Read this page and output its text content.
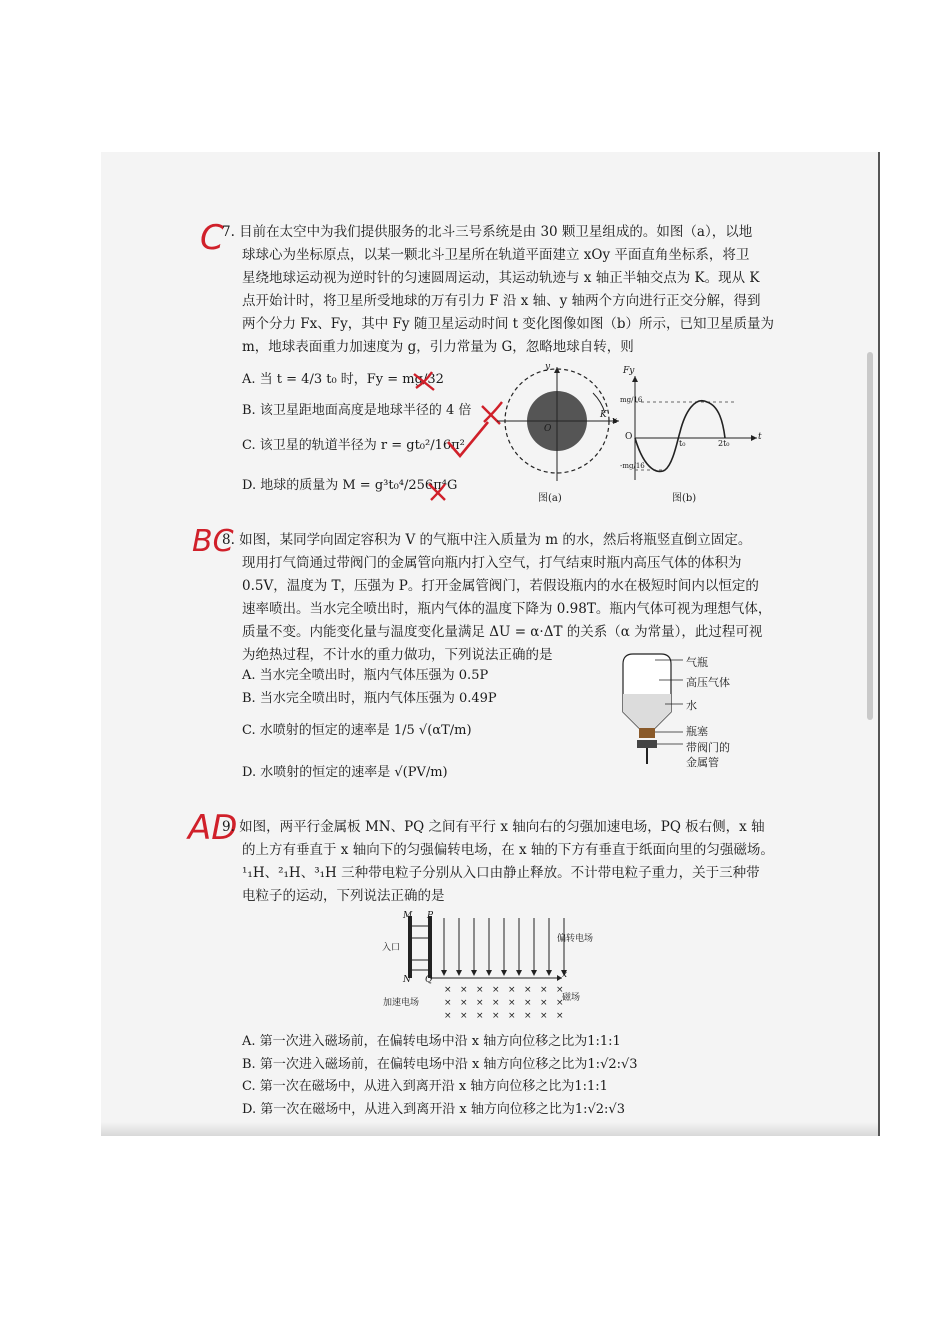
C
7. 目前在太空中为我们提供服务的北斗三号系统是由 30 颗卫星组成的。如图（a），以地
球球心为坐标原点，以某一颗北斗卫星所在轨道平面建立 xOy 平面直角坐标系，将卫
星绕地球运动视为逆时针的匀速圆周运动，其运动轨迹与 x 轴正半轴交点为 K。现从 K
点开始计时，将卫星所受地球的万有引力 F 沿 x 轴、y 轴两个方向进行正交分解，得到
两个分力 Fx、Fy，其中 Fy 随卫星运动时间 t 变化图像如图（b）所示，已知卫星质量为
m，地球表面重力加速度为 g，引力常量为 G，忽略地球自转，则
A. 当 t = 4/3 t₀ 时，Fy = mg/32
B. 该卫星距地面高度是地球半径的 4 倍
C. 该卫星的轨道半径为 r = gt₀²/16π²
D. 地球的质量为 M = g³t₀⁴/256π⁴G
y
x
O
K
图(a)
Fy
mg/16
O
t₀	2t₀
t
-mg/16
图(b)
BC
8. 如图，某同学向固定容积为 V 的气瓶中注入质量为 m 的水，然后将瓶竖直倒立固定。
现用打气筒通过带阀门的金属管向瓶内打入空气，打气结束时瓶内高压气体的体积为
0.5V，温度为 T，压强为 P。打开金属管阀门，若假设瓶内的水在极短时间内以恒定的
速率喷出。当水完全喷出时，瓶内气体的温度下降为 0.98T。瓶内气体可视为理想气体，
质量不变。内能变化量与温度变化量满足 ΔU = α·ΔT 的关系（α 为常量），此过程可视
为绝热过程，不计水的重力做功，下列说法正确的是
A. 当水完全喷出时，瓶内气体压强为 0.5P
B. 当水完全喷出时，瓶内气体压强为 0.49P
C. 水喷射的恒定的速率是 1/5 √(αT/m)
D. 水喷射的恒定的速率是 √(PV/m)
气瓶
高压气体
水
瓶塞
带阀门的
金属管
AD
9. 如图，两平行金属板 MN、PQ 之间有平行 x 轴向右的匀强加速电场，PQ 板右侧，x 轴
的上方有垂直于 x 轴向下的匀强偏转电场，在 x 轴的下方有垂直于纸面向里的匀强磁场。
¹₁H、²₁H、³₁H 三种带电粒子分别从入口由静止释放。不计带电粒子重力，关于三种带
电粒子的运动，下列说法正确的是
× × × × × × × ×
× × × × × × × ×
× × × × × × × ×
M P
入口
偏转电场
N Q	x
加速电场	磁场
A. 第一次进入磁场前，在偏转电场中沿 x 轴方向位移之比为1:1:1
B. 第一次进入磁场前，在偏转电场中沿 x 轴方向位移之比为1:√2:√3
C. 第一次在磁场中，从进入到离开沿 x 轴方向位移之比为1:1:1
D. 第一次在磁场中，从进入到离开沿 x 轴方向位移之比为1:√2:√3
